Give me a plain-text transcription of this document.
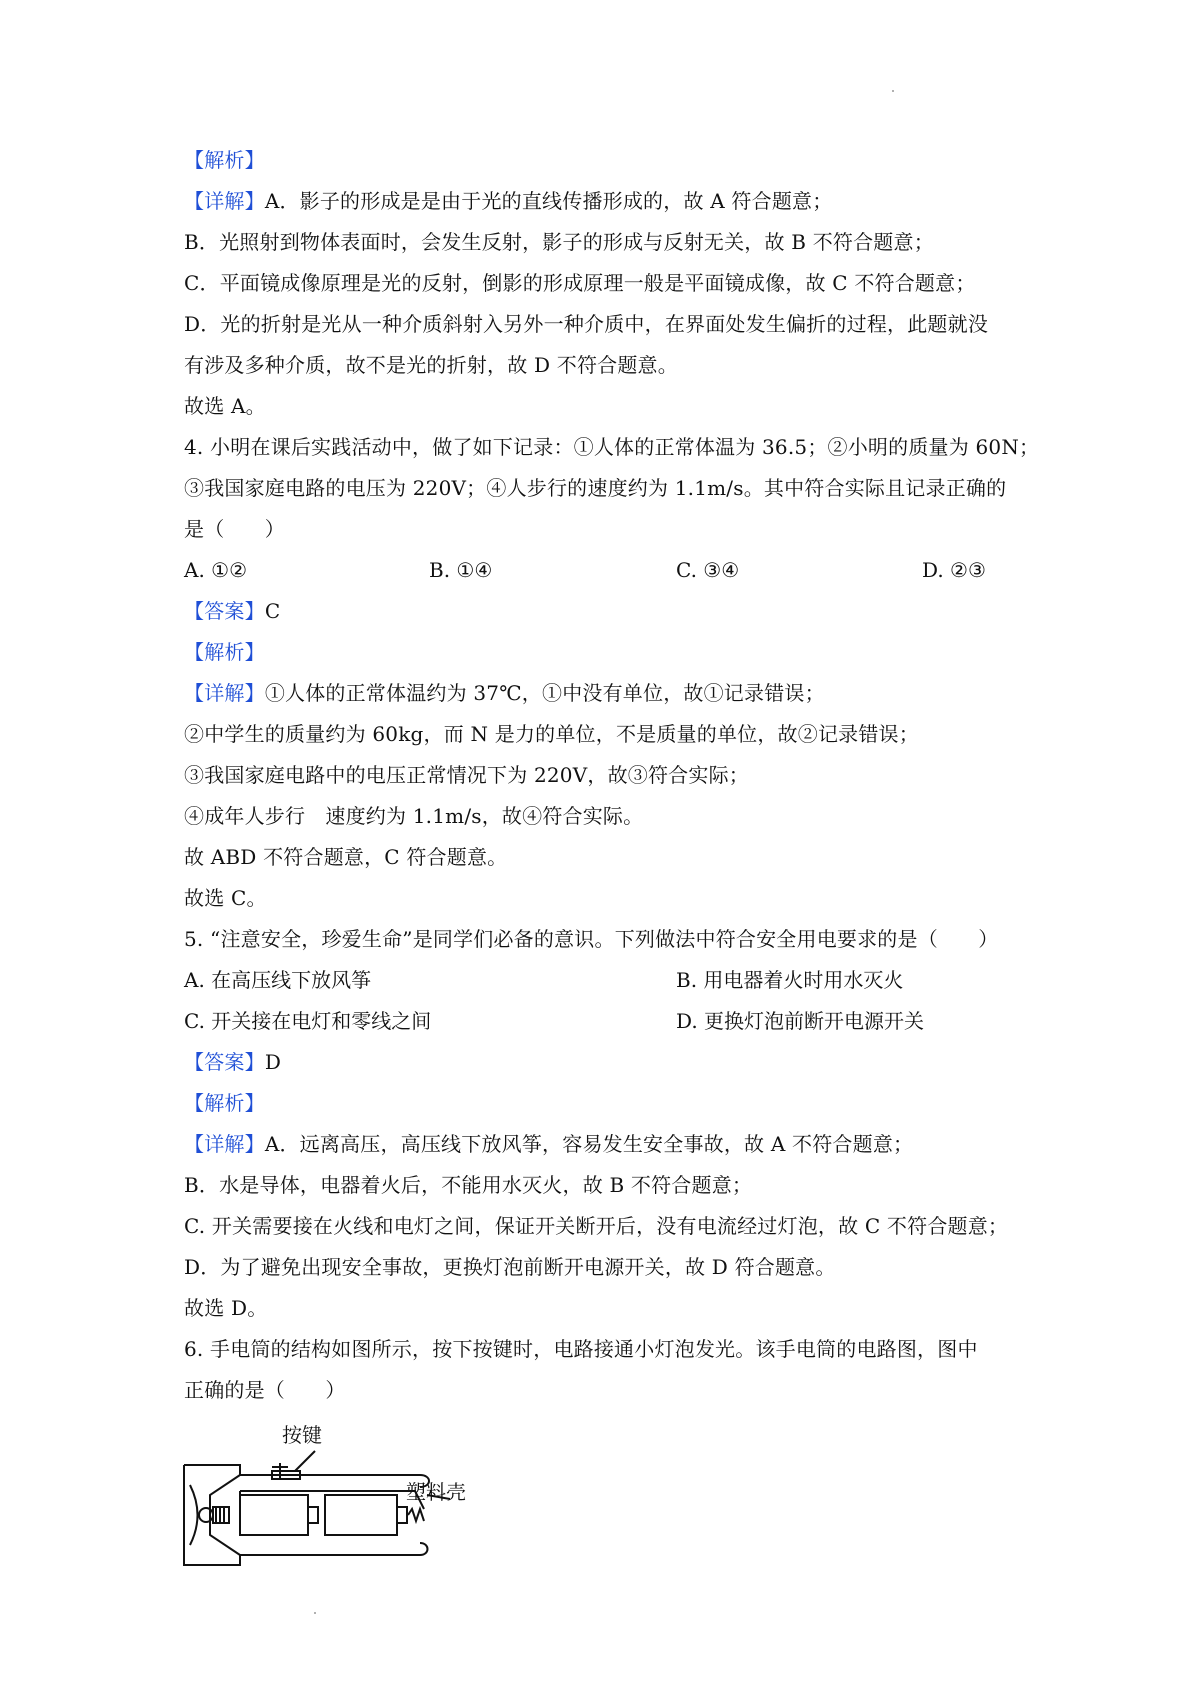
【解析】
【详解】A．影子的形成是是由于光的直线传播形成的，故 A 符合题意；
B．光照射到物体表面时，会发生反射，影子的形成与反射无关，故 B 不符合题意；
C．平面镜成像原理是光的反射，倒影的形成原理一般是平面镜成像，故 C 不符合题意；
D．光的折射是光从一种介质斜射入另外一种介质中，在界面处发生偏折的过程，此题就没
有涉及多种介质，故不是光的折射，故 D 不符合题意。
故选 A。
4. 小明在课后实践活动中，做了如下记录：①人体的正常体温为 36.5；②小明的质量为 60N；
③我国家庭电路的电压为 220V；④人步行的速度约为 1.1m/s。其中符合实际且记录正确的
是（　　）
A. ①②	B. ①④	C. ③④	D. ②③
【答案】C
【解析】
【详解】①人体的正常体温约为 37℃，①中没有单位，故①记录错误；
②中学生的质量约为 60kg，而 N 是力的单位，不是质量的单位，故②记录错误；
③我国家庭电路中的电压正常情况下为 220V，故③符合实际；
④成年人步行　速度约为 1.1m/s，故④符合实际。
故 ABD 不符合题意，C 符合题意。
故选 C。
5. “注意安全，珍爱生命”是同学们必备的意识。下列做法中符合安全用电要求的是（　　）
A. 在高压线下放风筝	B. 用电器着火时用水灭火
C. 开关接在电灯和零线之间	D. 更换灯泡前断开电源开关
【答案】D
【解析】
【详解】A．远离高压，高压线下放风筝，容易发生安全事故，故 A 不符合题意；
B．水是导体，电器着火后，不能用水灭火，故 B 不符合题意；
C. 开关需要接在火线和电灯之间，保证开关断开后，没有电流经过灯泡，故 C 不符合题意；
D．为了避免出现安全事故，更换灯泡前断开电源开关，故 D 符合题意。
故选 D。
6. 手电筒的结构如图所示，按下按键时，电路接通小灯泡发光。该手电筒的电路图，图中
正确的是（　　）
按键
塑料壳
